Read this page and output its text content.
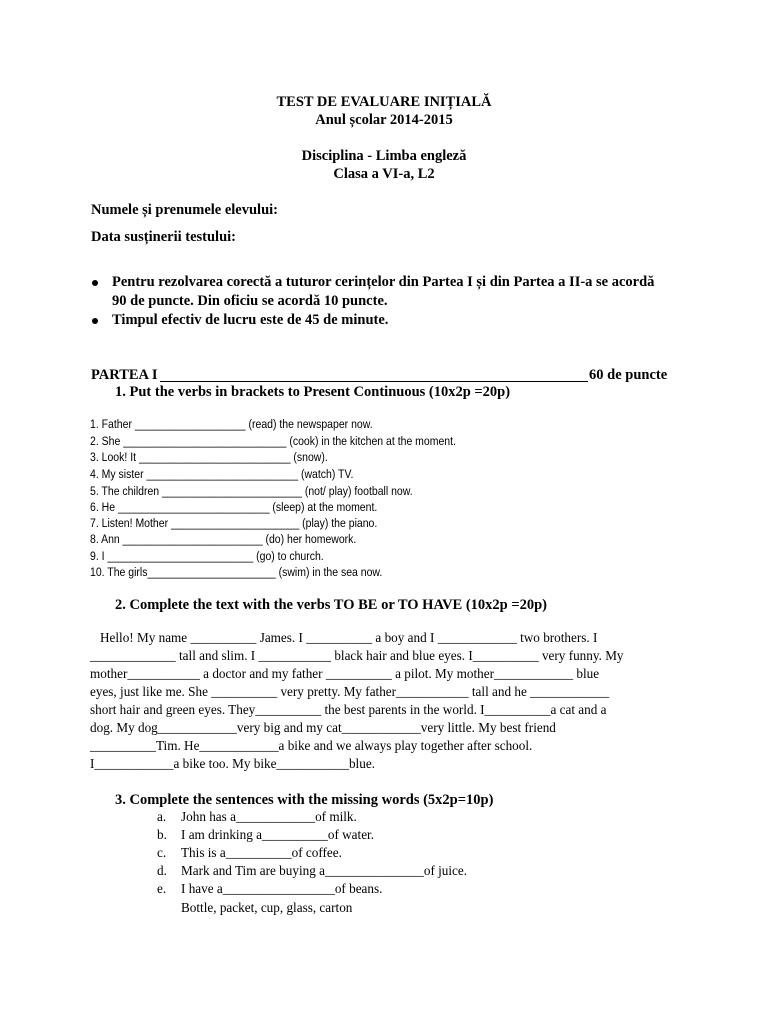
TEST DE EVALUARE INIȚIALĂ
Anul școlar 2014-2015
Disciplina - Limba engleză
Clasa a VI-a, L2
Numele și prenumele elevului:
Data susținerii testului:
Pentru rezolvarea corectă a tuturor cerințelor din Partea I și din Partea a II-a se acordă
90 de puncte. Din oficiu se acordă 10 puncte.
Timpul efectiv de lucru este de 45 de minute.
PARTEA I	60 de puncte
1. Put the verbs in brackets to Present Continuous (10x2p =20p)
1. Father ___________________ (read) the newspaper now.
2. She ____________________________ (cook) in the kitchen at the moment.
3. Look! It __________________________ (snow).
4. My sister __________________________ (watch) TV.
5. The children ________________________ (not/ play) football now.
6. He __________________________ (sleep) at the moment.
7. Listen! Mother ______________________ (play) the piano.
8. Ann ________________________ (do) her homework.
9. I _________________________ (go) to church.
10. The girls______________________ (swim) in the sea now.
2. Complete the text with the verbs TO BE or TO HAVE (10x2p =20p)
Hello! My name __________ James. I __________ a boy and I ____________ two brothers. I
_____________ tall and slim. I ___________ black hair and blue eyes. I__________ very funny. My
mother___________ a doctor and my father __________ a pilot. My mother____________ blue
eyes, just like me. She __________ very pretty. My father___________ tall and he ____________
short hair and green eyes. They__________ the best parents in the world. I__________a cat and a
dog. My dog____________very big and my cat____________very little. My best friend
__________Tim. He____________a bike and we always play together after school.
I____________a bike too. My bike___________blue.
3. Complete the sentences with the missing words (5x2p=10p)
a. John has a____________of milk.
b. I am drinking a__________of water.
c. This is a__________of coffee.
d. Mark and Tim are buying a_______________of juice.
e. I have a_________________of beans.
Bottle, packet, cup, glass, carton
